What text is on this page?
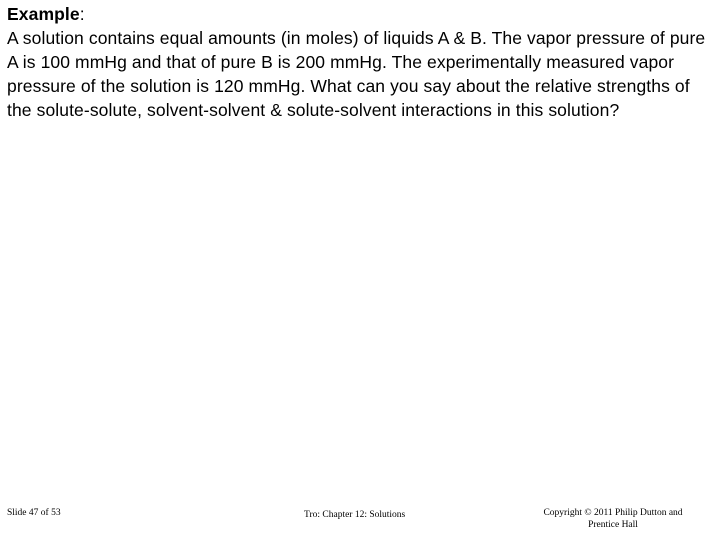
Example:

A solution contains equal amounts (in moles) of liquids A & B. The vapor pressure of pure A is 100 mmHg and that of pure B is 200 mmHg. The experimentally measured vapor pressure of the solution is 120 mmHg. What can you say about the relative strengths of the solute-solute, solvent-solvent & solute-solvent interactions in this solution?

Slide 47 of 53	Tro: Chapter 12: Solutions	Copyright © 2011 Philip Dutton and Prentice Hall
